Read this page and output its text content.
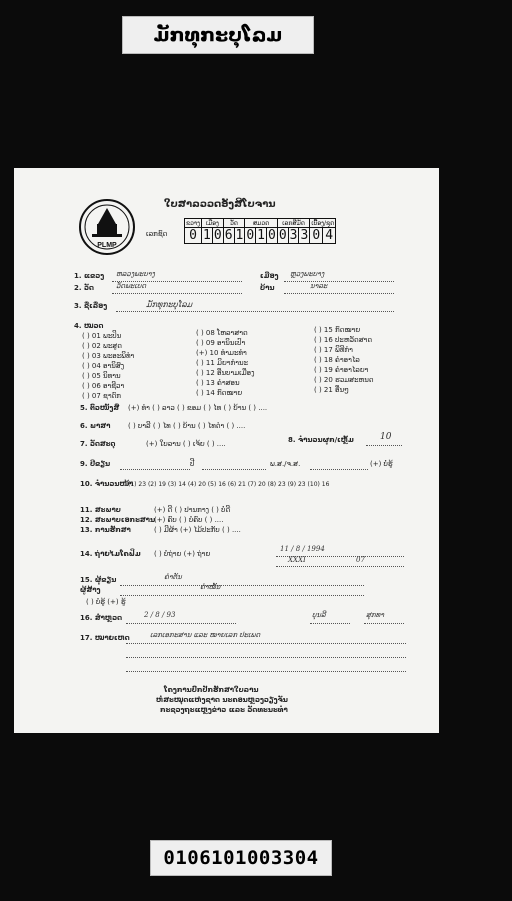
ມັກທຸກະບຸໂລມ
PLMP
ໃບສາລວວດອັງສີໂບຈານ
ເລກຊົດ
ຂວາງ	ເມືອງ		ວັດ		ສມວດ			ເລກສີມັດ			ເບື້ອງ/ຊຸດ	
0	1	0	6	1	0	1	0	0	3	3	0	4
1. ແຂວງ ຫລວງພະບາງ	ເມືອງ ຫຼວງພະບາງ
2. ວັດ	ວັດພະເບດ	ບ້ານ	ນາລະ
3. ຊື່ເລື່ອງ	ມັກທຸກະບຸໂລມ
4. ໝວດ
( ) 01 ພະປິນ
( ) 02 ພະສູດ
( ) 03 ພະອະພິທຳ
( ) 04 ອານິສົງ
( ) 05 ນິທານ
( ) 06 ອາຊີວາ
( ) 07 ຊາດົກ
( ) 08 ໂຫລາສາດ
( ) 09 ອານິນເປົາ
(+) 10 ທຳມະທຳ
( ) 11 ມິຍາກຳນະ
( ) 12 ອືນບາມເມືອງ
( ) 13 ຄຳສອນ
( ) 14 ກົດໝາຍ
( ) 15 ກົດໝາຍ
( ) 16 ປະຫວັດສາດ
( ) 17 ພິທີກຳ
( ) 18 ຄຳອາໄລ
( ) 19 ຄຳອາໄລຍາ
( ) 20 ຮວມສະຫນດ
( ) 21 ອື່ນໆ
5. ຕົວໜັງສື (+) ທຳ ( ) ລາວ ( ) ຂອມ ( ) ໄທ ( ) ບ້ານ ( ) ....
6. ພາສາ	( ) ບາລີ ( ) ໄທ ( ) ບ້ານ ( ) ໄທດຳ ( ) ....
7. ວັດສະດຸ	(+) ໃບລານ ( ) ເຈ້ຍ ( ) ....	8. ຈຳນວນຜູກ/ເຫຼັ້ມ	10
9. ປີຂຽນ	ປີ	ພ.ສ./ຈ.ສ.	(+) ບໍ່ຮູ້
10. ຈຳນວນໜ້າ
(1) 23 (2) 19 (3) 14 (4) 20 (5) 16 (6) 21 (7) 20 (8) 23 (9) 23 (10) 16
11. ສະພາບ	(+) ດີ ( ) ປານກາງ ( ) ບໍ່ດີ
12. ສະພາບເອກະສານ
(+) ຄົບ ( ) ບໍ່ຄົບ ( ) ....
13. ການຮັກສາ	( ) ມີຜ້າ (+) ໄມ້ປະກັບ ( ) ....
14. ຖ່າຍໄມໂຄຟິມ ( ) ບໍ່ຖ່າຍ (+) ຖ່າຍ
11 / 8 / 1994
XXXI	07
15. ຜູ້ຂຽນ	ຄຳຕັນ
ຜູ້ສ້າງ	ຄຳໝັ້ນ
( ) ບໍ່ຮູ້ (+) ຮູ້
16. ສຳຫຼວດ	2 / 8 / 93	ບຸນລີ	ສຸກທາ
17. ໝາຍເຫດ	ເລກເອກະສານ ແລະ ໝາຍເລກ ປະເພດ
ໂຄງການປົກປັກຮັກສາໃບລານ
ຫໍສະໝຸດແຫ່ງຊາດ ນະຄອນຫຼວງວຽງຈັນ
ກະຊວງຖະແຫຼງຂ່າວ ແລະ ວັດທະນະທຳ
0106101003304
